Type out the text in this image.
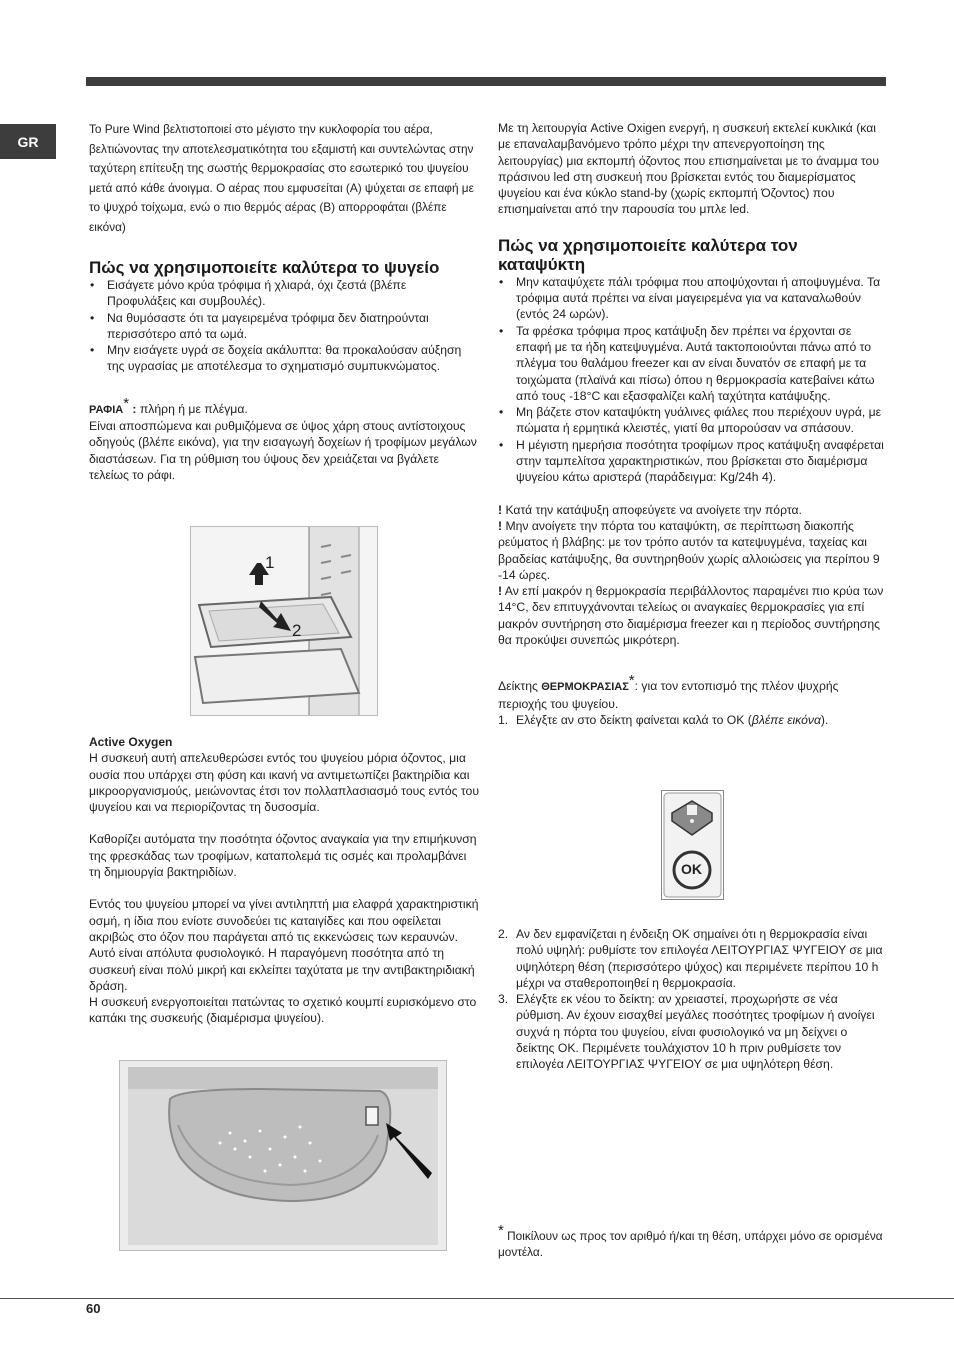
GR

Το Pure Wind βελτιστοποιεί στο μέγιστο την κυκλοφορία του αέρα, βελτιώνοντας την αποτελεσματικότητα του εξαμιστή και συντελώντας στην ταχύτερη επίτευξη της σωστής θερμοκρασίας στο εσωτερικό του ψυγείου μετά από κάθε άνοιγμα. Ο αέρας που εμφυσείται (A) ψύχεται σε επαφή με το ψυχρό τοίχωμα, ενώ ο πιο θερμός αέρας (B) απορροφάται (βλέπε εικόνα)

Πώς να χρησιμοποιείτε καλύτερα το ψυγείο
• Εισάγετε μόνο κρύα τρόφιμα ή χλιαρά, όχι ζεστά (βλέπε Προφυλάξεις και συμβουλές).
• Να θυμόσαστε ότι τα μαγειρεμένα τρόφιμα δεν διατηρούνται περισσότερο από τα ωμά.
• Μην εισάγετε υγρά σε δοχεία ακάλυπτα: θα προκαλούσαν αύξηση της υγρασίας με αποτέλεσμα το σχηματισμό συμπυκνώματος.

ΡΑΦΙΑ* : πλήρη ή με πλέγμα.

Είναι αποσπώμενα και ρυθμιζόμενα σε ύψος χάρη στους αντίστοιχους οδηγούς (βλέπε εικόνα), για την εισαγωγή δοχείων ή τροφίμων μεγάλων διαστάσεων. Για τη ρύθμιση του ύψους δεν χρειάζεται να βγάλετε τελείως το ράφι.

1
2

Active Oxygen

Η συσκευή αυτή απελευθερώσει εντός του ψυγείου μόρια όζοντος, μια ουσία που υπάρχει στη φύση και ικανή να αντιμετωπίζει βακτηρίδια και μικροοργανισμούς, μειώνοντας έτσι τον πολλαπλασιασμό τους εντός του ψυγείου και να περιορίζοντας τη δυσοσμία.

Καθορίζει αυτόματα την ποσότητα όζοντος αναγκαία για την επιμήκυνση της φρεσκάδας των τροφίμων, καταπολεμά τις οσμές και προλαμβάνει τη δημιουργία βακτηριδίων.

Εντός του ψυγείου μπορεί να γίνει αντιληπτή μια ελαφρά χαρακτηριστική οσμή, η ίδια που ενίοτε συνοδεύει τις καταιγίδες και που οφείλεται ακριβώς στο όζον που παράγεται από τις εκκενώσεις των κεραυνών. Αυτό είναι απόλυτα φυσιολογικό. Η παραγόμενη ποσότητα από τη συσκευή είναι πολύ μικρή και εκλείπει ταχύτατα με την αντιβακτηριδιακή δράση.

Η συσκευή ενεργοποιείται πατώντας το σχετικό κουμπί ευρισκόμενο στο καπάκι της συσκευής (διαμέρισμα ψυγείου).

Με τη λειτουργία Active Oxigen ενεργή, η συσκευή εκτελεί κυκλικά (και με επαναλαμβανόμενο τρόπο μέχρι την απενεργοποίηση της λειτουργίας) μια εκπομπή όζοντος που επισημαίνεται με το άναμμα του πράσινου led στη συσκευή που βρίσκεται εντός του διαμερίσματος ψυγείου και ένα κύκλο stand-by (χωρίς εκπομπή Όζοντος) που επισημαίνεται από την παρουσία του μπλε led.

Πώς να χρησιμοποιείτε καλύτερα τον καταψύκτη
• Μην καταψύχετε πάλι τρόφιμα που αποψύχονται ή αποψυγμένα. Τα τρόφιμα αυτά πρέπει να είναι μαγειρεμένα για να καταναλωθούν (εντός 24 ωρών).
• Τα φρέσκα τρόφιμα προς κατάψυξη δεν πρέπει να έρχονται σε επαφή με τα ήδη κατεψυγμένα. Αυτά τακτοποιούνται πάνω από το πλέγμα του θαλάμου freezer και αν είναι δυνατόν σε επαφή με τα τοιχώματα (πλαϊνά και πίσω) όπου η θερμοκρασία κατεβαίνει κάτω από τους -18°C και εξασφαλίζει καλή ταχύτητα κατάψυξης.
• Μη βάζετε στον καταψύκτη γυάλινες φιάλες που περιέχουν υγρά, με πώματα ή ερμητικά κλειστές, γιατί θα μπορούσαν να σπάσουν.
• Η μέγιστη ημερήσια ποσότητα τροφίμων προς κατάψυξη αναφέρεται στην ταμπελίτσα χαρακτηριστικών, που βρίσκεται στο διαμέρισμα ψυγείου κάτω αριστερά (παράδειγμα: Kg/24h 4).

! Κατά την κατάψυξη αποφεύγετε να ανοίγετε την πόρτα.

! Μην ανοίγετε την πόρτα του καταψύκτη, σε περίπτωση διακοπής ρεύματος ή βλάβης: με τον τρόπο αυτόν τα κατεψυγμένα, ταχείας και βραδείας κατάψυξης, θα συντηρηθούν χωρίς αλλοιώσεις για περίπου 9 -14 ώρες.

! Αν επί μακρόν η θερμοκρασία περιβάλλοντος παραμένει πιο κρύα των 14°C, δεν επιτυγχάνονται τελείως οι αναγκαίες θερμοκρασίες για επί μακρόν συντήρηση στο διαμέρισμα freezer και η περίοδος συντήρησης θα προκύψει συνεπώς μικρότερη.

Δείκτης ΘΕΡΜΟΚΡΑΣΙΑΣ*: για τον εντοπισμό της πλέον ψυχρής περιοχής του ψυγείου.

1. Ελέγξτε αν στο δείκτη φαίνεται καλά το OK (βλέπε εικόνα).
OK
2. Αν δεν εμφανίζεται η ένδειξη OK σημαίνει ότι η θερμοκρασία είναι πολύ υψηλή: ρυθμίστε τον επιλογέα ΛΕΙΤΟΥΡΓΙΑΣ ΨΥΓΕΙΟΥ σε μια υψηλότερη θέση (περισσότερο ψύχος) και περιμένετε περίπου 10 h μέχρι να σταθεροποιηθεί η θερμοκρασία.
3. Ελέγξτε εκ νέου το δείκτη: αν χρειαστεί, προχωρήστε σε νέα ρύθμιση. Αν έχουν εισαχθεί μεγάλες ποσότητες τροφίμων ή ανοίγει συχνά η πόρτα του ψυγείου, είναι φυσιολογικό να μη δείχνει ο δείκτης OK. Περιμένετε τουλάχιστον 10 h πριν ρυθμίσετε τον επιλογέα ΛΕΙΤΟΥΡΓΙΑΣ ΨΥΓΕΙΟΥ σε μια υψηλότερη θέση.

* Ποικίλουν ως προς τον αριθμό ή/και τη θέση, υπάρχει μόνο σε ορισμένα μοντέλα.

60
